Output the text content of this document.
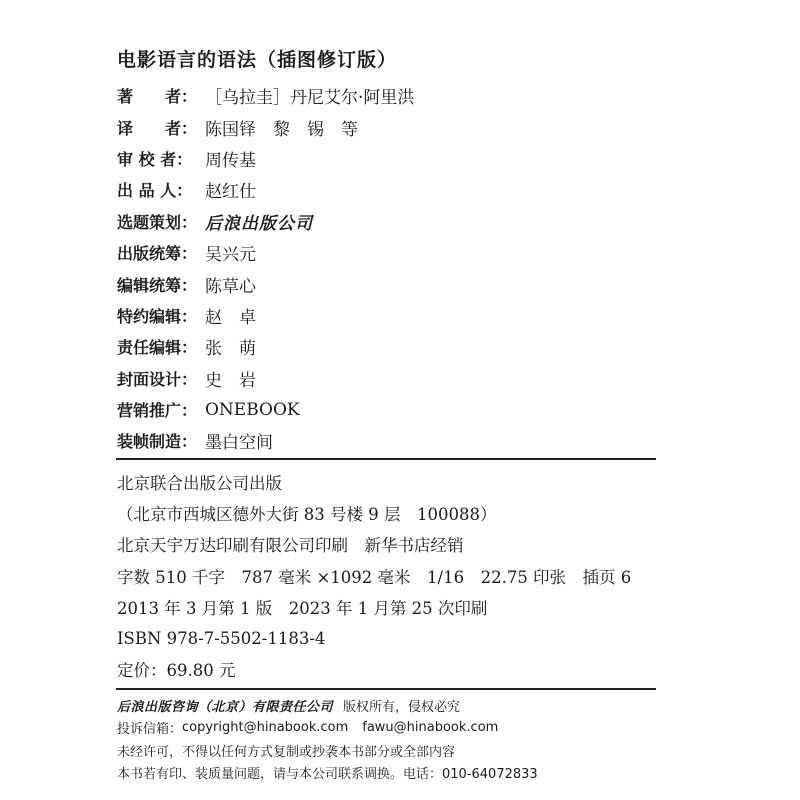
电影语言的语法（插图修订版）
著　　者： ［乌拉圭］丹尼艾尔·阿里洪
译　　者： 陈国铎　黎　锡　等
审 校 者： 周传基
出 品 人： 赵红仕
选题策划： 后浪出版公司
出版统筹： 吴兴元
编辑统筹： 陈草心
特约编辑： 赵　卓
责任编辑： 张　萌
封面设计： 史　岩
营销推广： ONEBOOK
装帧制造： 墨白空间
北京联合出版公司出版
（北京市西城区德外大街 83 号楼 9 层　100088）
北京天宇万达印刷有限公司印刷　新华书店经销
字数 510 千字　787 毫米 ×1092 毫米　1/16　22.75 印张　插页 6
2013 年 3 月第 1 版　2023 年 1 月第 25 次印刷
ISBN 978-7-5502-1183-4
定价：69.80 元
后浪出版咨询（北京）有限责任公司 版权所有，侵权必究
投诉信箱： copyright@hinabook.com fawu@hinabook.com
未经许可，不得以任何方式复制或抄袭本书部分或全部内容
本书若有印、装质量问题，请与本公司联系调换。电话：010-64072833
